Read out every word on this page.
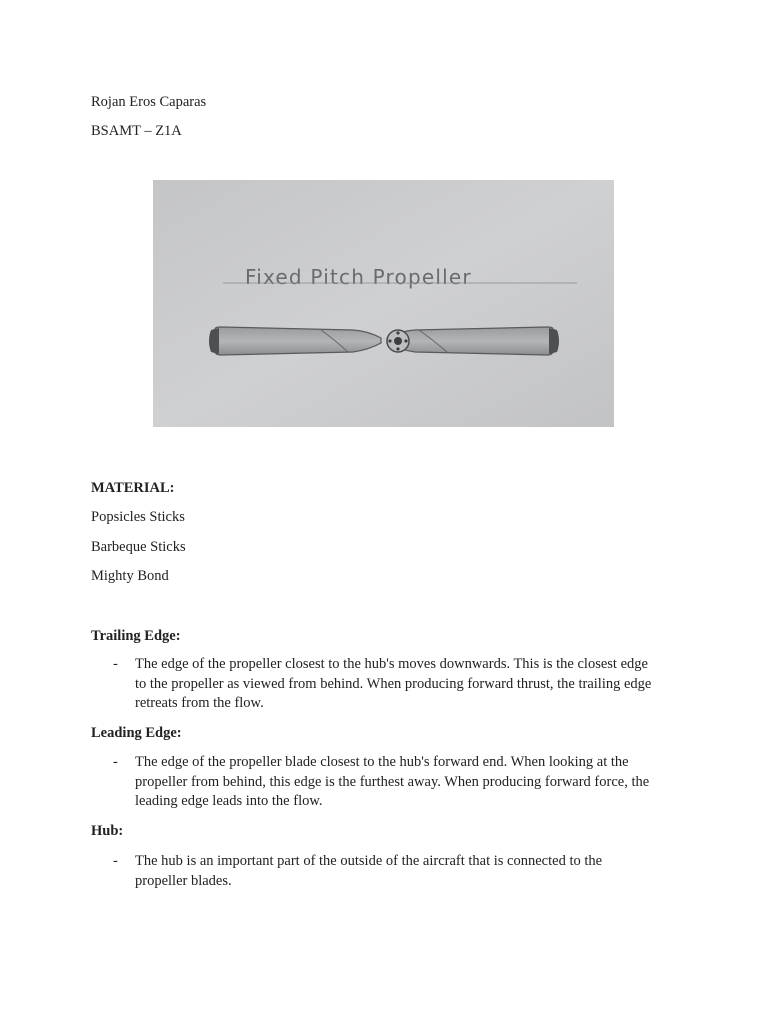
Rojan Eros Caparas
BSAMT – Z1A
Fixed Pitch Propeller
MATERIAL:
Popsicles Sticks
Barbeque Sticks
Mighty Bond
Trailing Edge:
- The edge of the propeller closest to the hub's moves downwards. This is the closest edge
to the propeller as viewed from behind. When producing forward thrust, the trailing edge
retreats from the flow.
Leading Edge:
- The edge of the propeller blade closest to the hub's forward end. When looking at the
propeller from behind, this edge is the furthest away. When producing forward force, the
leading edge leads into the flow.
Hub:
- The hub is an important part of the outside of the aircraft that is connected to the
propeller blades.
